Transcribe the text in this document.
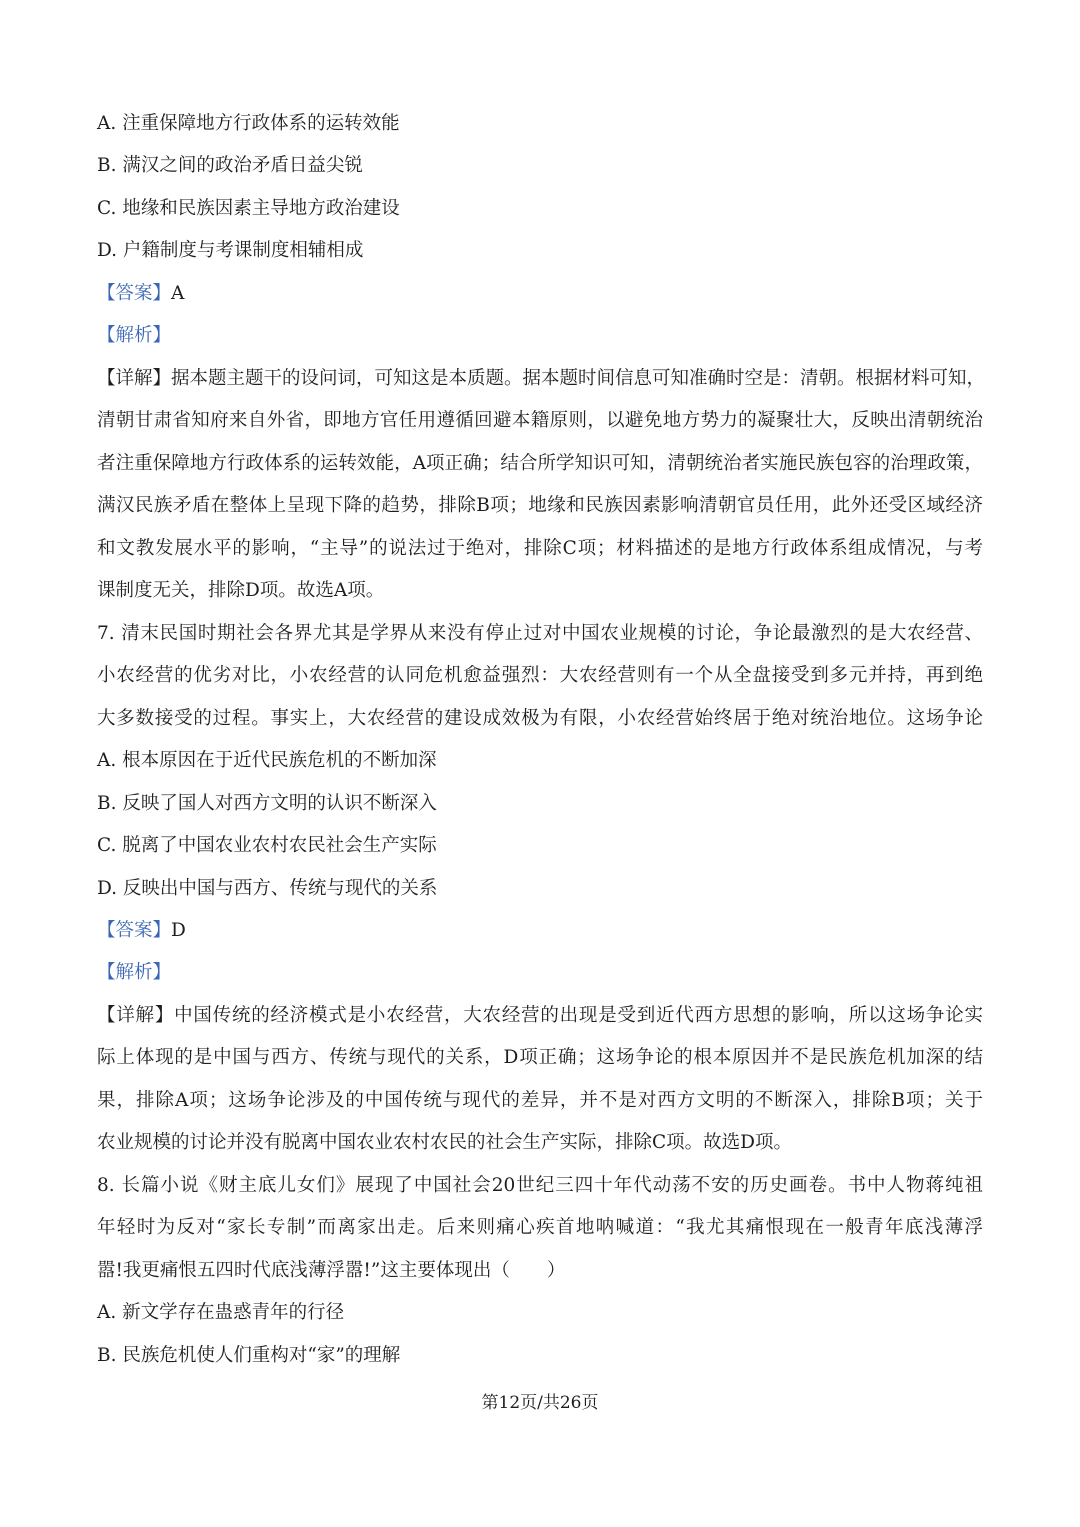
A. 注重保障地方行政体系的运转效能
B. 满汉之间的政治矛盾日益尖锐
C. 地缘和民族因素主导地方政治建设
D. 户籍制度与考课制度相辅相成
【答案】A
【解析】
【详解】据本题主题干的设问词，可知这是本质题。据本题时间信息可知准确时空是：清朝。根据材料可知，
清朝甘肃省知府来自外省，即地方官任用遵循回避本籍原则，以避免地方势力的凝聚壮大，反映出清朝统治
者注重保障地方行政体系的运转效能，A项正确；结合所学知识可知，清朝统治者实施民族包容的治理政策，
满汉民族矛盾在整体上呈现下降的趋势，排除B项；地缘和民族因素影响清朝官员任用，此外还受区域经济
和文教发展水平的影响，“主导”的说法过于绝对，排除C项；材料描述的是地方行政体系组成情况，与考
课制度无关，排除D项。故选A项。
7. 清末民国时期社会各界尤其是学界从来没有停止过对中国农业规模的讨论，争论最激烈的是大农经营、
小农经营的优劣对比，小农经营的认同危机愈益强烈：大农经营则有一个从全盘接受到多元并持，再到绝
大多数接受的过程。事实上，大农经营的建设成效极为有限，小农经营始终居于绝对统治地位。这场争论
A. 根本原因在于近代民族危机的不断加深
B. 反映了国人对西方文明的认识不断深入
C. 脱离了中国农业农村农民社会生产实际
D. 反映出中国与西方、传统与现代的关系
【答案】D
【解析】
【详解】中国传统的经济模式是小农经营，大农经营的出现是受到近代西方思想的影响，所以这场争论实
际上体现的是中国与西方、传统与现代的关系，D项正确；这场争论的根本原因并不是民族危机加深的结
果，排除A项；这场争论涉及的中国传统与现代的差异，并不是对西方文明的不断深入，排除B项；关于
农业规模的讨论并没有脱离中国农业农村农民的社会生产实际，排除C项。故选D项。
8. 长篇小说《财主底儿女们》展现了中国社会20世纪三四十年代动荡不安的历史画卷。书中人物蒋纯祖
年轻时为反对“家长专制”而离家出走。后来则痛心疾首地呐喊道：“我尤其痛恨现在一般青年底浅薄浮
嚣!我更痛恨五四时代底浅薄浮嚣!”这主要体现出（　　）
A. 新文学存在蛊惑青年的行径
B. 民族危机使人们重构对“家”的理解
第12页/共26页
